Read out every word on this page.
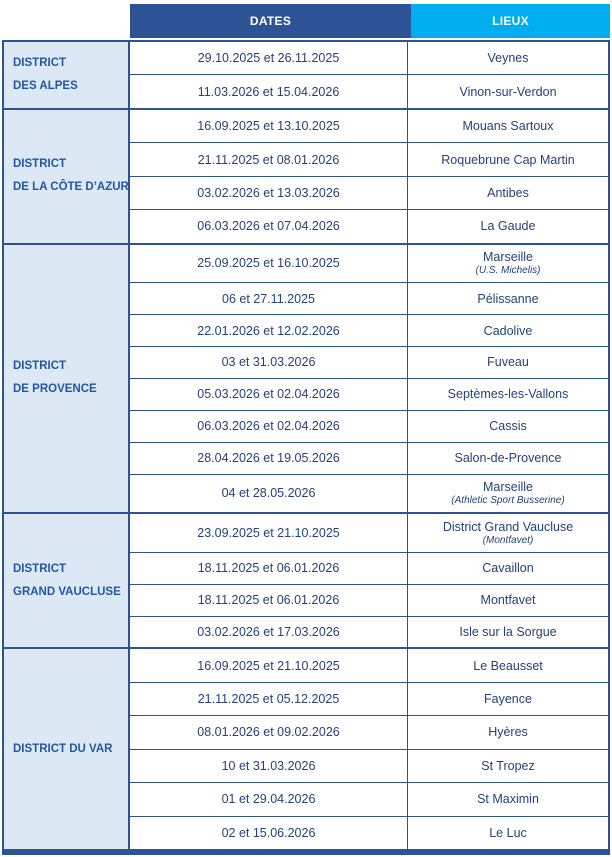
DATES	LIEUX
DISTRICT
DES ALPES
29.10.2025 et 26.11.2025	Veynes
11.03.2026 et 15.04.2026	Vinon-sur-Verdon
DISTRICT
DE LA CÔTE D’AZUR
16.09.2025 et 13.10.2025	Mouans Sartoux
21.11.2025 et 08.01.2026	Roquebrune Cap Martin
03.02.2026 et 13.03.2026	Antibes
06.03.2026 et 07.04.2026	La Gaude
DISTRICT
DE PROVENCE
25.09.2025 et 16.10.2025	Marseille
(U.S. Michelis)
06 et 27.11.2025	Pélissanne
22.01.2026 et 12.02.2026	Cadolive
03 et 31.03.2026	Fuveau
05.03.2026 et 02.04.2026	Septèmes-les-Vallons
06.03.2026 et 02.04.2026	Cassis
28.04.2026 et 19.05.2026	Salon-de-Provence
04 et 28.05.2026	Marseille
(Athletic Sport Busserine)
DISTRICT
GRAND VAUCLUSE
23.09.2025 et 21.10.2025	District Grand Vaucluse
(Montfavet)
18.11.2025 et 06.01.2026	Cavaillon
18.11.2025 et 06.01.2026	Montfavet
03.02.2026 et 17.03.2026	Isle sur la Sorgue
DISTRICT DU VAR
16.09.2025 et 21.10.2025	Le Beausset
21.11.2025 et 05.12.2025	Fayence
08.01.2026 et 09.02.2026	Hyères
10 et 31.03.2026	St Tropez
01 et 29.04.2026	St Maximin
02 et 15.06.2026	Le Luc
